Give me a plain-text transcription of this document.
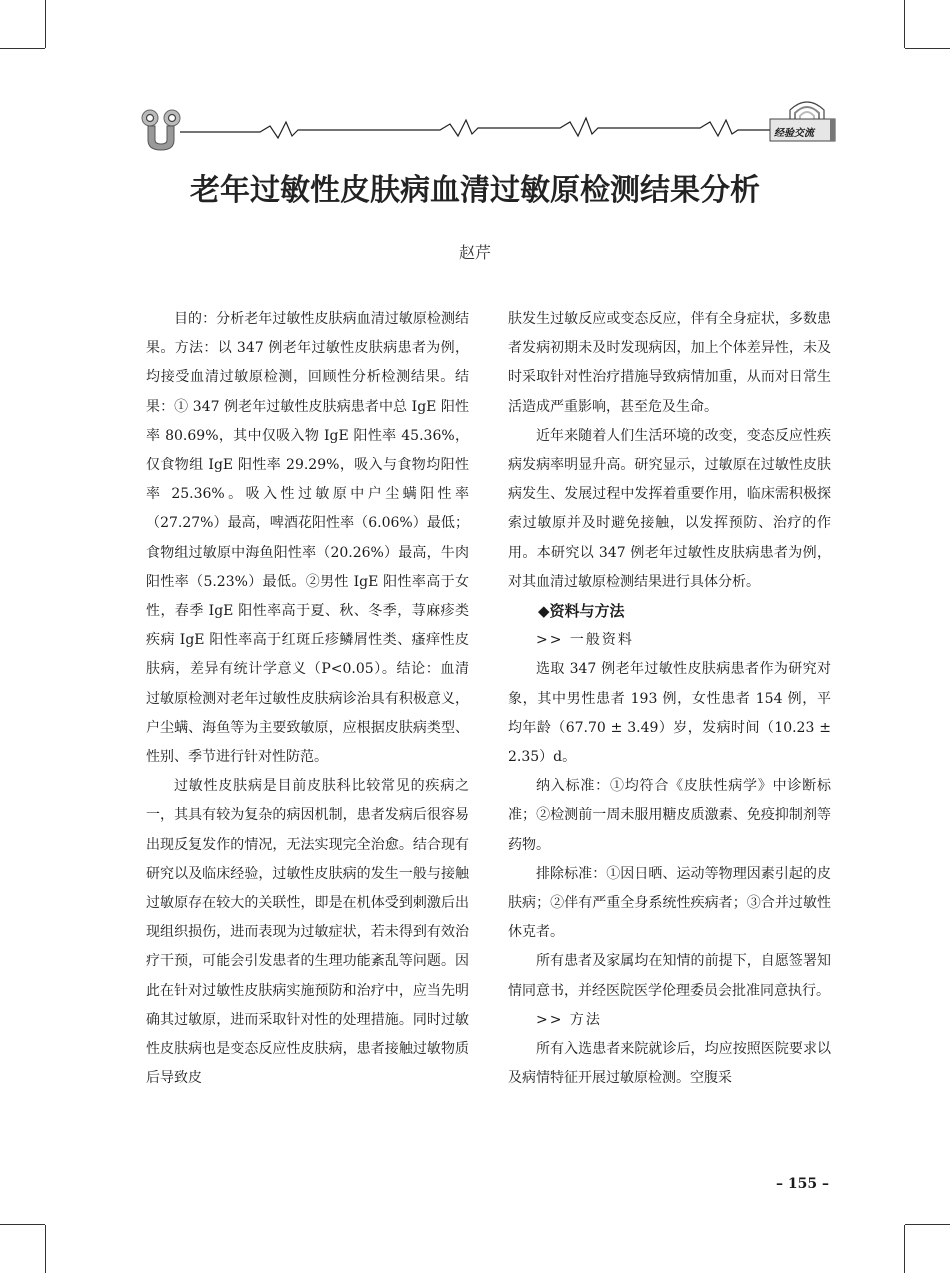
经验交流
老年过敏性皮肤病血清过敏原检测结果分析
赵芹

目的：分析老年过敏性皮肤病血清过敏原检测结果。方法：以 347 例老年过敏性皮肤病患者为例，均接受血清过敏原检测，回顾性分析检测结果。结果：① 347 例老年过敏性皮肤病患者中总 IgE 阳性率 80.69%，其中仅吸入物 IgE 阳性率 45.36%，仅食物组 IgE 阳性率 29.29%，吸入与食物均阳性率 25.36%。吸入性过敏原中户尘螨阳性率（27.27%）最高，啤酒花阳性率（6.06%）最低；食物组过敏原中海鱼阳性率（20.26%）最高，牛肉阳性率（5.23%）最低。②男性 IgE 阳性率高于女性，春季 IgE 阳性率高于夏、秋、冬季，荨麻疹类疾病 IgE 阳性率高于红斑丘疹鳞屑性类、瘙痒性皮肤病，差异有统计学意义（P<0.05）。结论：血清过敏原检测对老年过敏性皮肤病诊治具有积极意义，户尘螨、海鱼等为主要致敏原，应根据皮肤病类型、性别、季节进行针对性防范。

过敏性皮肤病是目前皮肤科比较常见的疾病之一，其具有较为复杂的病因机制，患者发病后很容易出现反复发作的情况，无法实现完全治愈。结合现有研究以及临床经验，过敏性皮肤病的发生一般与接触过敏原存在较大的关联性，即是在机体受到刺激后出现组织损伤，进而表现为过敏症状，若未得到有效治疗干预，可能会引发患者的生理功能紊乱等问题。因此在针对过敏性皮肤病实施预防和治疗中，应当先明确其过敏原，进而采取针对性的处理措施。同时过敏性皮肤病也是变态反应性皮肤病，患者接触过敏物质后导致皮

肤发生过敏反应或变态反应，伴有全身症状，多数患者发病初期未及时发现病因，加上个体差异性，未及时采取针对性治疗措施导致病情加重，从而对日常生活造成严重影响，甚至危及生命。

近年来随着人们生活环境的改变，变态反应性疾病发病率明显升高。研究显示，过敏原在过敏性皮肤病发生、发展过程中发挥着重要作用，临床需积极探索过敏原并及时避免接触，以发挥预防、治疗的作用。本研究以 347 例老年过敏性皮肤病患者为例，对其血清过敏原检测结果进行具体分析。

◆资料与方法

>> 一般资料

选取 347 例老年过敏性皮肤病患者作为研究对象，其中男性患者 193 例，女性患者 154 例，平均年龄（67.70 ± 3.49）岁，发病时间（10.23 ± 2.35）d。

纳入标准：①均符合《皮肤性病学》中诊断标准；②检测前一周未服用糖皮质激素、免疫抑制剂等药物。

排除标准：①因日晒、运动等物理因素引起的皮肤病；②伴有严重全身系统性疾病者；③合并过敏性休克者。

所有患者及家属均在知情的前提下，自愿签署知情同意书，并经医院医学伦理委员会批准同意执行。

>> 方法

所有入选患者来院就诊后，均应按照医院要求以及病情特征开展过敏原检测。空腹采

– 155 –
